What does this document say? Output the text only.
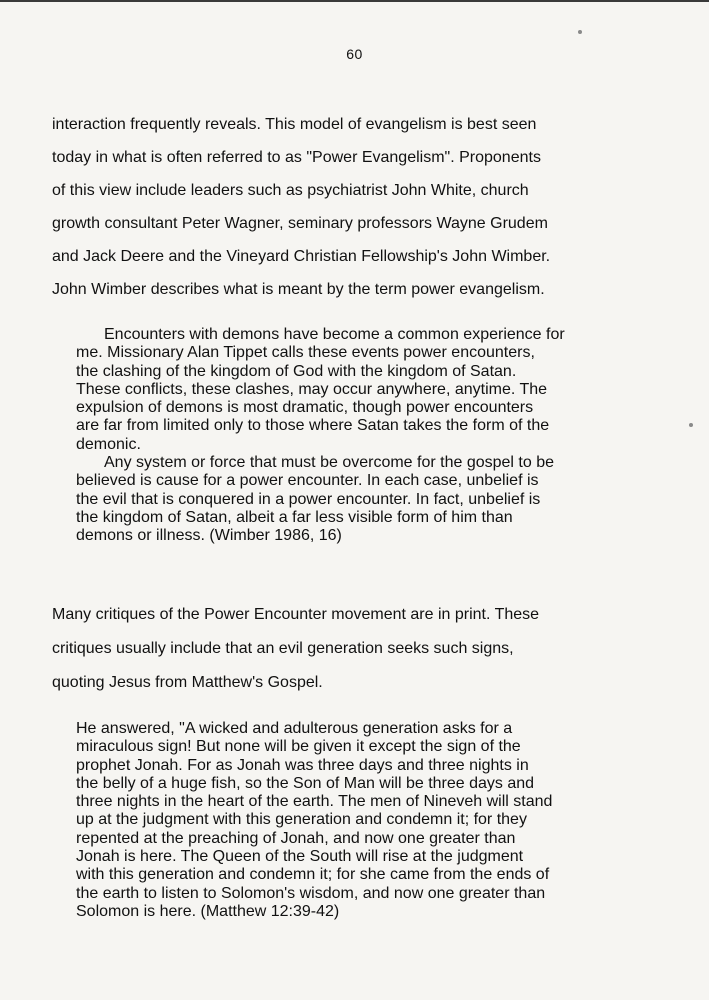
60

interaction frequently reveals. This model of evangelism is best seen
today in what is often referred to as "Power Evangelism". Proponents
of this view include leaders such as psychiatrist John White, church
growth consultant Peter Wagner, seminary professors Wayne Grudem
and Jack Deere and the Vineyard Christian Fellowship's John Wimber.
John Wimber describes what is meant by the term power evangelism.

Encounters with demons have become a common experience for
me. Missionary Alan Tippet calls these events power encounters,
the clashing of the kingdom of God with the kingdom of Satan.
These conflicts, these clashes, may occur anywhere, anytime. The
expulsion of demons is most dramatic, though power encounters
are far from limited only to those where Satan takes the form of the
demonic.
Any system or force that must be overcome for the gospel to be
believed is cause for a power encounter. In each case, unbelief is
the evil that is conquered in a power encounter. In fact, unbelief is
the kingdom of Satan, albeit a far less visible form of him than
demons or illness. (Wimber 1986, 16)

Many critiques of the Power Encounter movement are in print. These
critiques usually include that an evil generation seeks such signs,
quoting Jesus from Matthew's Gospel.

He answered, "A wicked and adulterous generation asks for a
miraculous sign! But none will be given it except the sign of the
prophet Jonah. For as Jonah was three days and three nights in
the belly of a huge fish, so the Son of Man will be three days and
three nights in the heart of the earth. The men of Nineveh will stand
up at the judgment with this generation and condemn it; for they
repented at the preaching of Jonah, and now one greater than
Jonah is here. The Queen of the South will rise at the judgment
with this generation and condemn it; for she came from the ends of
the earth to listen to Solomon's wisdom, and now one greater than
Solomon is here. (Matthew 12:39-42)
